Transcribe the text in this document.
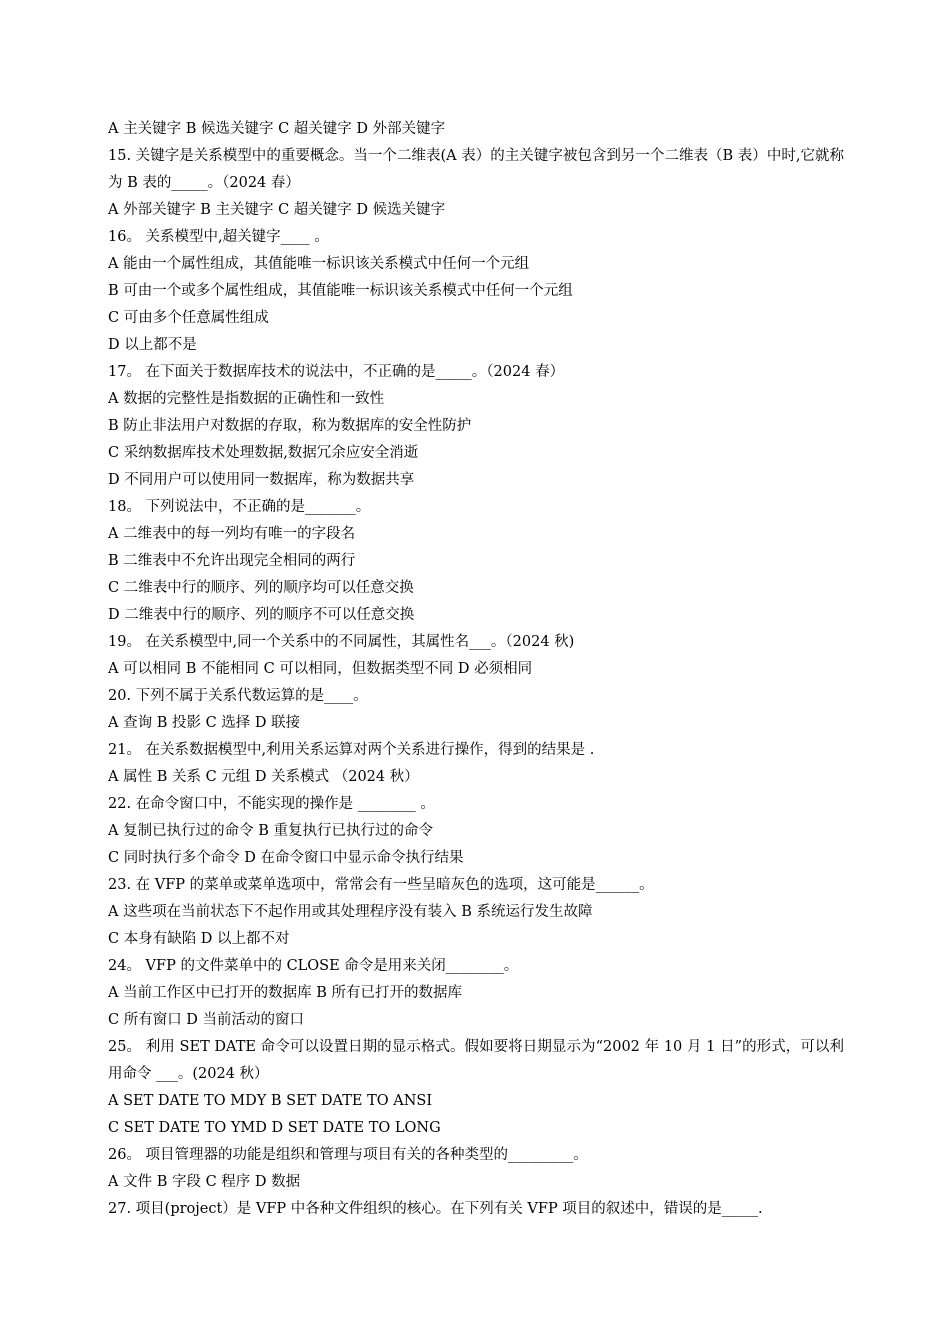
A 主关键字 B 候选关键字 C 超关键字 D 外部关键字
15. 关键字是关系模型中的重要概念。当一个二维表(A 表）的主关键字被包含到另一个二维表（B 表）中时,它就称为 B 表的_____。（2024 春）
A 外部关键字 B 主关键字 C 超关键字 D 候选关键字
16。 关系模型中,超关键字____ 。
A 能由一个属性组成，其值能唯一标识该关系模式中任何一个元组
B 可由一个或多个属性组成，其值能唯一标识该关系模式中任何一个元组
C 可由多个任意属性组成
D 以上都不是
17。 在下面关于数据库技术的说法中，不正确的是_____。（2024 春）
A 数据的完整性是指数据的正确性和一致性
B 防止非法用户对数据的存取，称为数据库的安全性防护
C 采纳数据库技术处理数据,数据冗余应安全消逝
D 不同用户可以使用同一数据库，称为数据共享
18。 下列说法中，不正确的是_______。
A 二维表中的每一列均有唯一的字段名
B 二维表中不允许出现完全相同的两行
C 二维表中行的顺序、列的顺序均可以任意交换
D 二维表中行的顺序、列的顺序不可以任意交换
19。 在关系模型中,同一个关系中的不同属性，其属性名___。（2024 秋)
A 可以相同 B 不能相同 C 可以相同，但数据类型不同 D 必须相同
20. 下列不属于关系代数运算的是____。
A 查询 B 投影 C 选择 D 联接
21。 在关系数据模型中,利用关系运算对两个关系进行操作，得到的结果是 .
A 属性 B 关系 C 元组 D 关系模式 （2024 秋）
22. 在命令窗口中，不能实现的操作是 ________ 。
A 复制已执行过的命令 B 重复执行已执行过的命令
C 同时执行多个命令 D 在命令窗口中显示命令执行结果
23. 在 VFP 的菜单或菜单选项中，常常会有一些呈暗灰色的选项，这可能是______。
A 这些项在当前状态下不起作用或其处理程序没有装入 B 系统运行发生故障
C 本身有缺陷 D 以上都不对
24。 VFP 的文件菜单中的 CLOSE 命令是用来关闭________。
A 当前工作区中已打开的数据库 B 所有已打开的数据库
C 所有窗口 D 当前活动的窗口
25。 利用 SET DATE 命令可以设置日期的显示格式。假如要将日期显示为“2002 年 10 月 1 日”的形式，可以利用命令 ___。(2024 秋）
A SET DATE TO MDY B SET DATE TO ANSI
C SET DATE TO YMD D SET DATE TO LONG
26。 项目管理器的功能是组织和管理与项目有关的各种类型的_________。
A 文件 B 字段 C 程序 D 数据
27. 项目(project）是 VFP 中各种文件组织的核心。在下列有关 VFP 项目的叙述中，错误的是_____.
